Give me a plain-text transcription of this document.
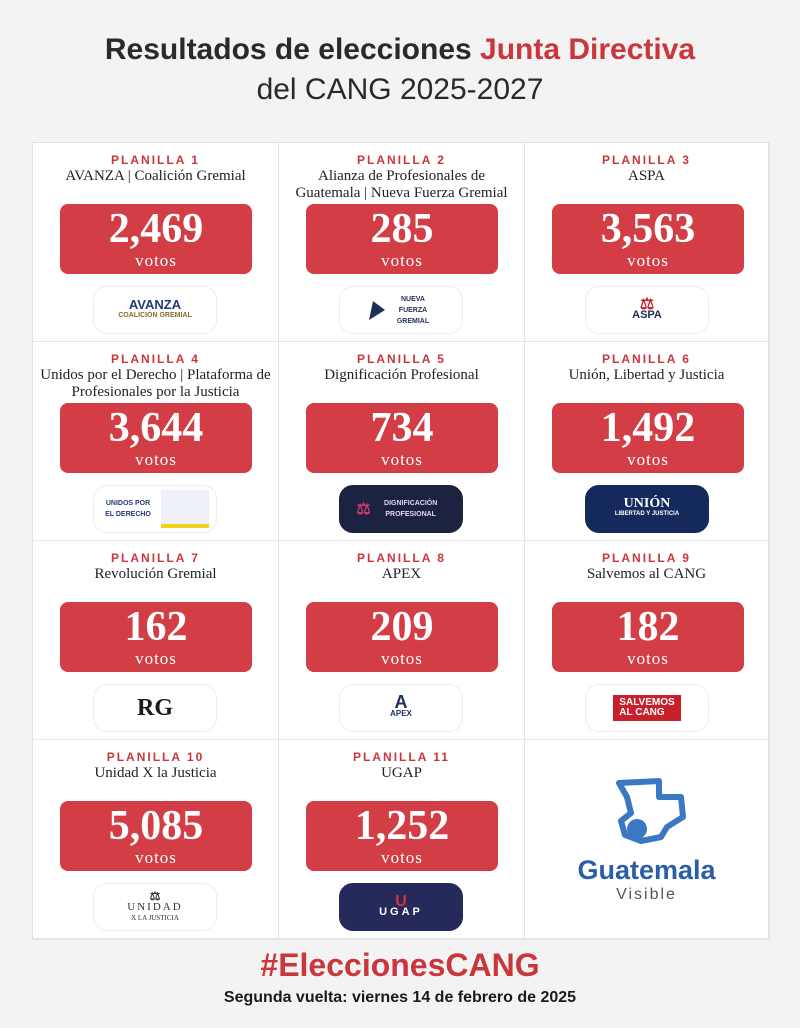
Resultados de elecciones Junta Directiva
del CANG 2025-2027
PLANILLA 1
AVANZA | Coalición Gremial
2,469
votos
AVANZA
COALICIÓN GREMIAL
PLANILLA 2
Alianza de Profesionales de Guatemala | Nueva Fuerza Gremial
285
votos
NUEVA FUERZA GREMIAL
PLANILLA 3
ASPA
3,563
votos
⚖
ASPA
PLANILLA 4
Unidos por el Derecho | Plataforma de Profesionales por la Justicia
3,644
votos
UNIDOS POR EL DERECHO
PLANILLA 5
Dignificación Profesional
734
votos
⚖	DIGNIFICACIÓN PROFESIONAL
PLANILLA 6
Unión, Libertad y Justicia
1,492
votos
UNIÓN
LIBERTAD Y JUSTICIA
PLANILLA 7
Revolución Gremial
162
votos
RG
PLANILLA 8
APEX
209
votos
A
APEX
PLANILLA 9
Salvemos al CANG
182
votos
SALVEMOS
AL CANG
PLANILLA 10
Unidad X la Justicia
5,085
votos
⚖
UNIDAD
X LA JUSTICIA
PLANILLA 11
UGAP
1,252
votos
U
UGAP
Guatemala
Visible
#EleccionesCANG
Segunda vuelta: viernes 14 de febrero de 2025
